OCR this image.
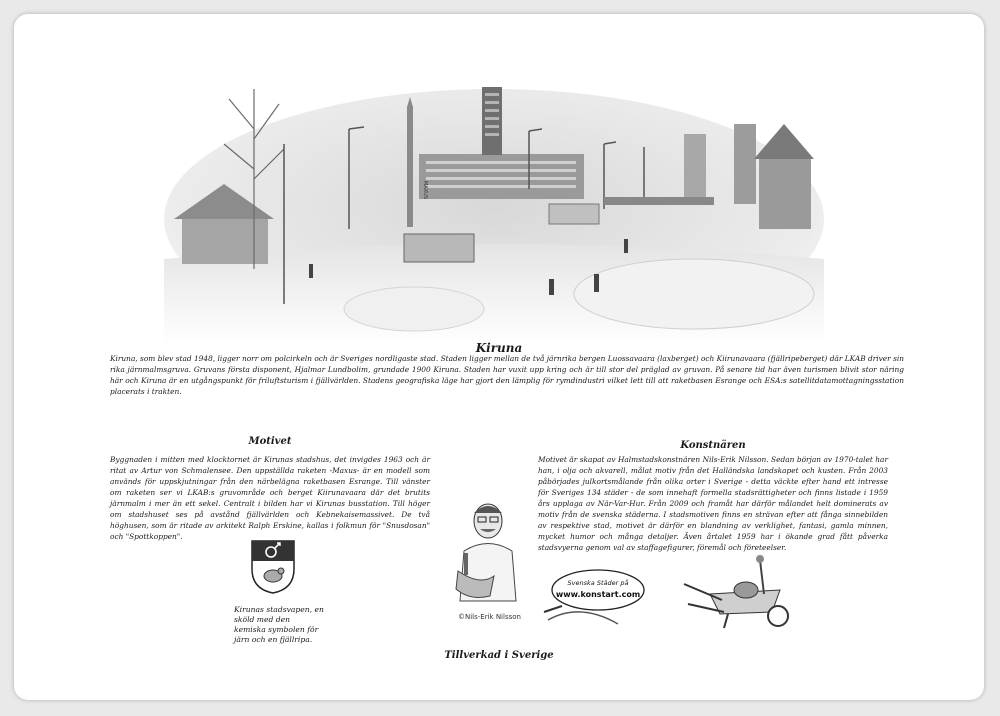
MAXUS
Kiruna
Kiruna, som blev stad 1948, ligger norr om polcirkeln och är Sveriges nordligaste stad. Staden ligger mellan de två järnrika bergen Luossavaara (laxberget) och Kiirunavaara (fjällripeberget) där LKAB driver sin rika järnmalmsgruva. Gruvans första disponent, Hjalmar Lundbolim, grundade 1900 Kiruna. Staden har vuxit upp kring och är till stor del präglad av gruvan. På senare tid har även turismen blivit stor näring här och Kiruna är en utgångspunkt för friluftsturism i fjällvärlden. Stadens geografiska läge har gjort den lämplig för rymdindustri vilket lett till att raketbasen Esrange och ESA:s satellitdatamottagningsstation placerats i trakten.
Motivet
Byggnaden i mitten med klocktornet är Kirunas stadshus, det invigdes 1963 och är ritat av Artur von Schmalensee. Den uppställda raketen -Maxus- är en modell som används för uppskjutningar från den närbelägna raketbasen Esrange. Till vänster om raketen ser vi LKAB:s gruvområde och berget Kiirunavaara där det brutits järnmalm i mer än ett sekel. Centralt i bilden har vi Kirunas busstation. Till höger om stadshuset ses på avstånd fjällvärlden och Kebnekaisemassivet. De två höghusen, som är ritade av arkitekt Ralph Erskine, kallas i folkmun för "Snusdosan" och "Spottkoppen".
Kirunas stadsvapen, en sköld med den kemiska symbolen för järn och en fjällripa.
©Nils-Erik Nilsson
Konstnären
Motivet är skapat av Halmstadskonstnären Nils-Erik Nilsson. Sedan början av 1970-talet har han, i olja och akvarell, målat motiv från det Halländska landskapet och kusten. Från 2003 påbörjades julkortsmålande från olika orter i Sverige - detta väckte efter hand ett intresse för Sveriges 134 städer - de som innehaft formella stadsrättigheter och finns listade i 1959 års upplaga av När-Var-Hur. Från 2009 och framåt har därför målandet helt dominerats av motiv från de svenska städerna. I stadsmotiven finns en strävan efter att fånga sinnebilden av respektive stad, motivet är därför en blandning av verklighet, fantasi, gamla minnen, mycket humor och många detaljer. Även årtalet 1959 har i ökande grad fått påverka stadsvyerna genom val av staffagefigurer, föremål och företeelser.
Svenska Städer på
www.konstart.com
Tillverkad i Sverige
